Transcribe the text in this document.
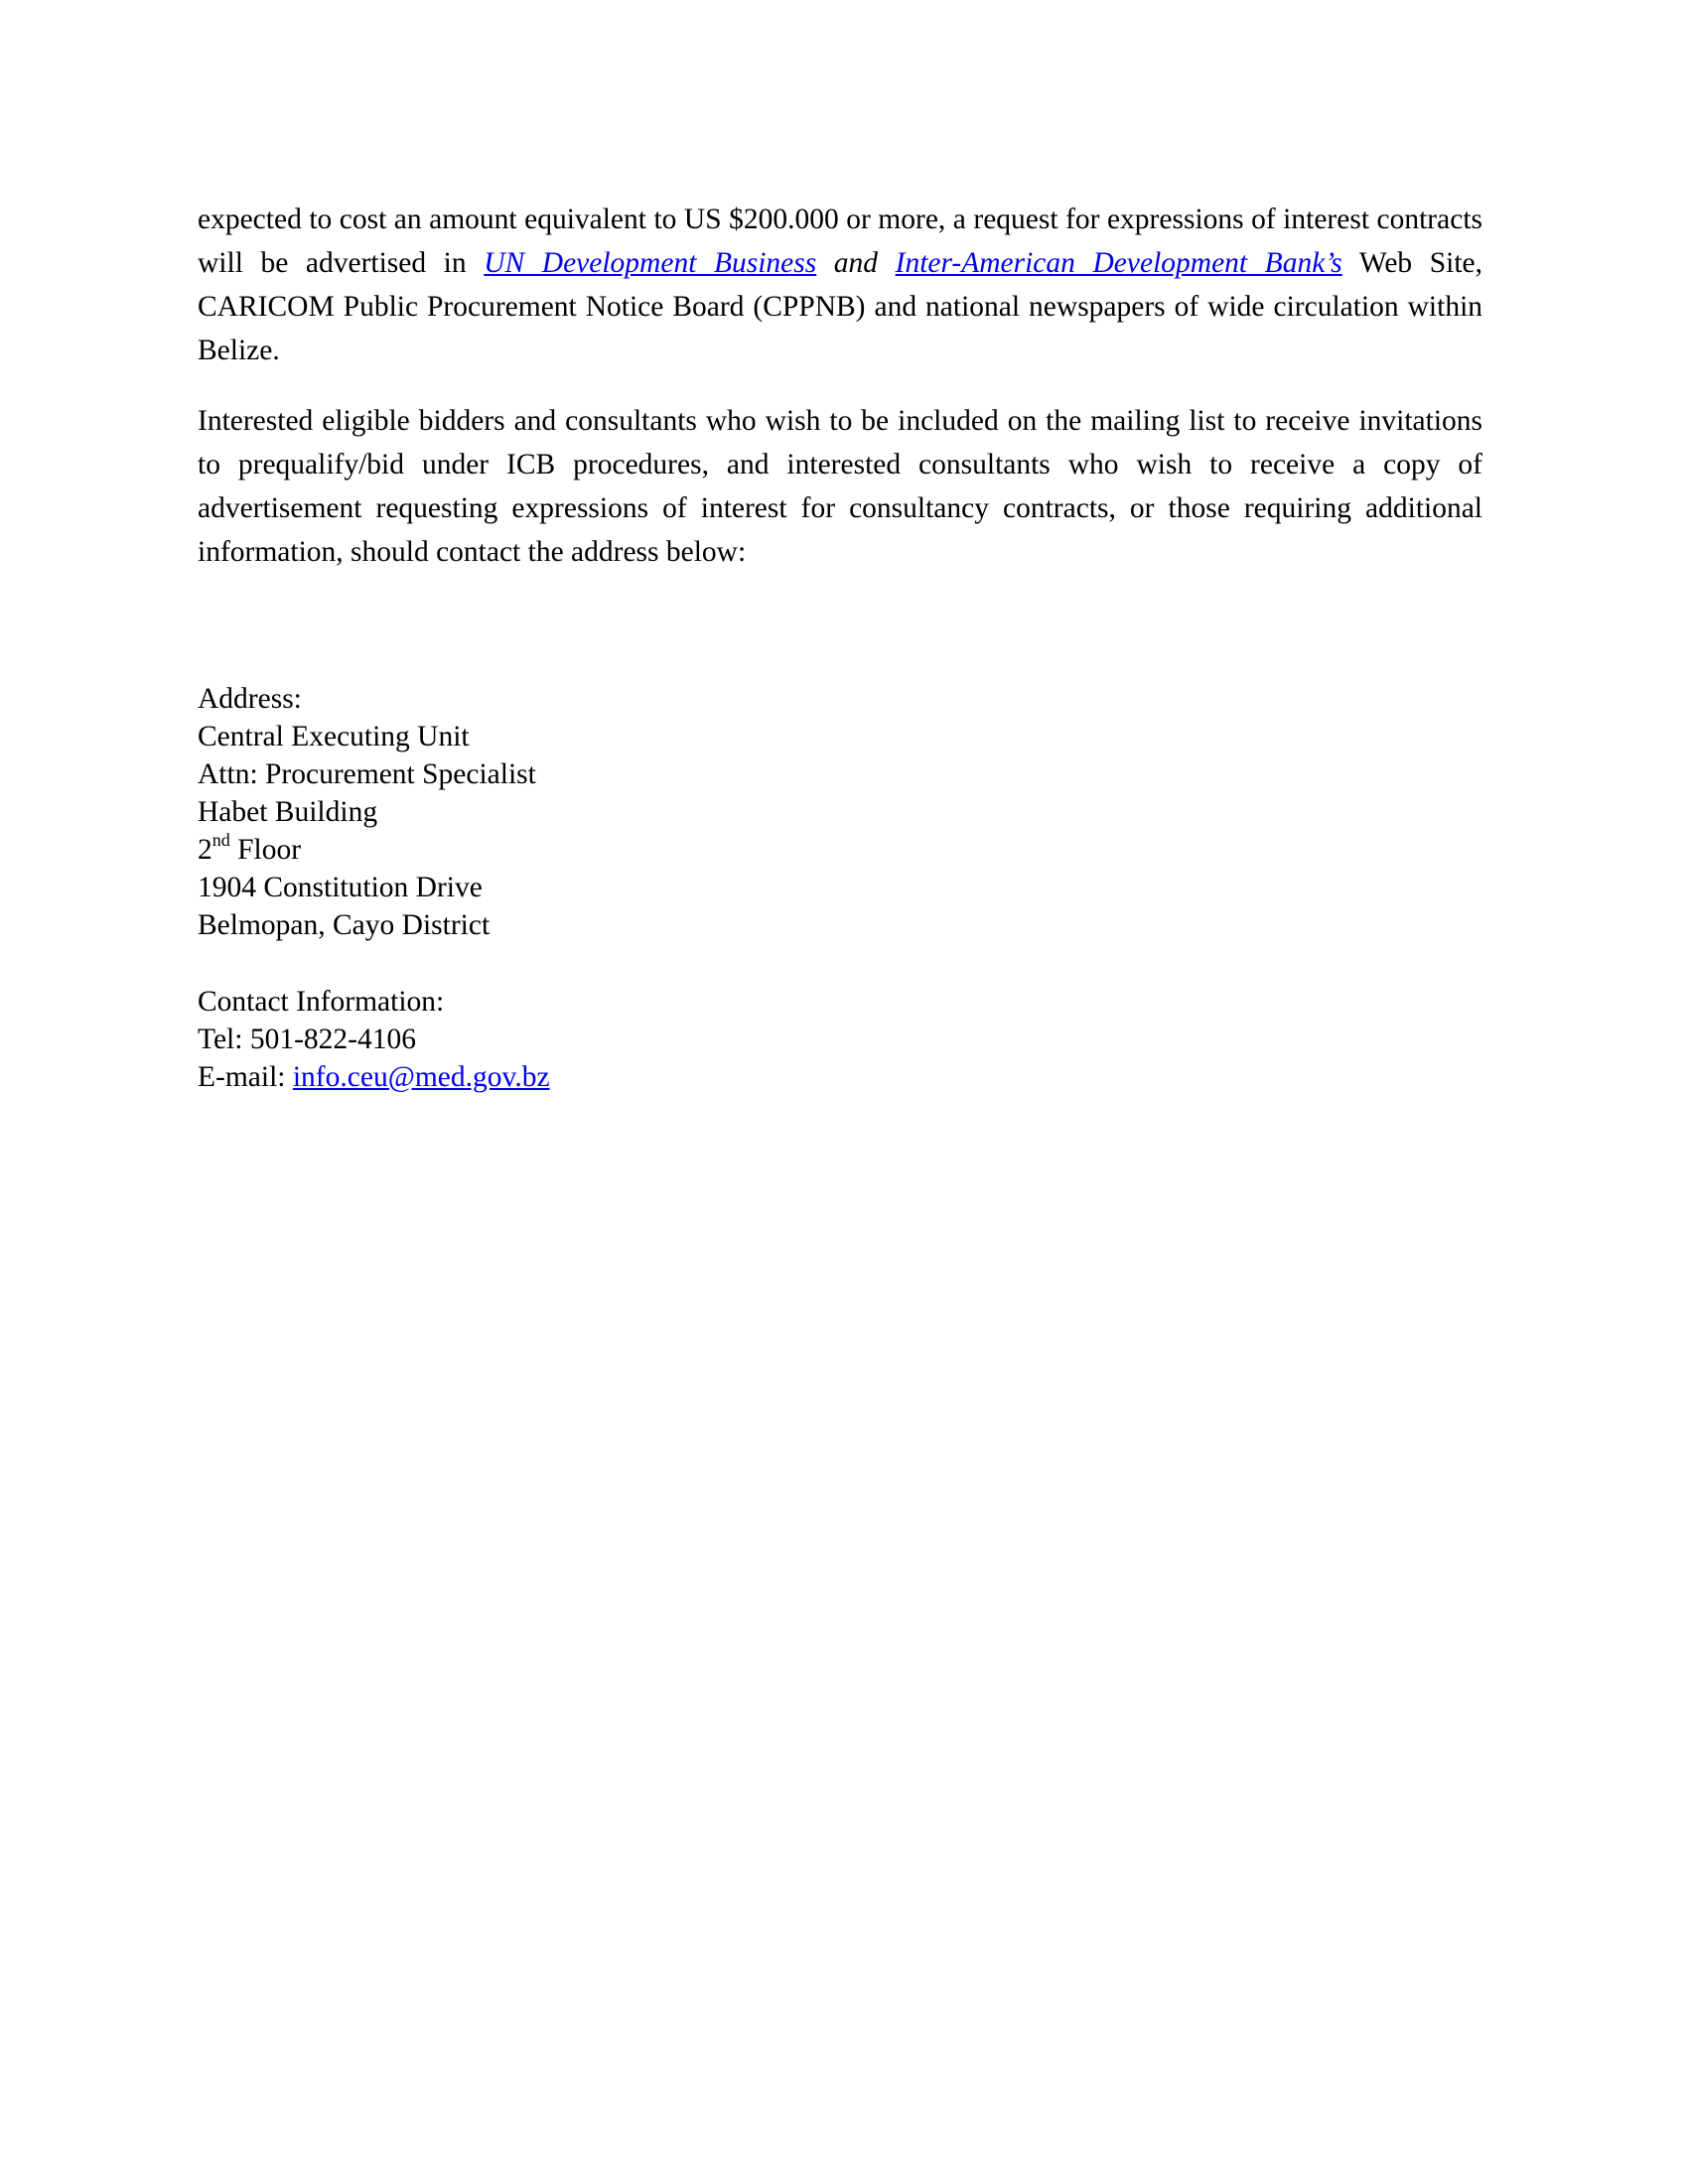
expected to cost an amount equivalent to US $200.000 or more, a request for expressions of interest contracts will be advertised in UN Development Business and Inter-American Development Bank’s Web Site, CARICOM Public Procurement Notice Board (CPPNB) and national newspapers of wide circulation within Belize.
Interested eligible bidders and consultants who wish to be included on the mailing list to receive invitations to prequalify/bid under ICB procedures, and interested consultants who wish to receive a copy of advertisement requesting expressions of interest for consultancy contracts, or those requiring additional information, should contact the address below:
Address:
Central Executing Unit
Attn: Procurement Specialist
Habet Building
2nd Floor
1904 Constitution Drive
Belmopan, Cayo District
Contact Information:
Tel: 501-822-4106
E-mail: info.ceu@med.gov.bz
